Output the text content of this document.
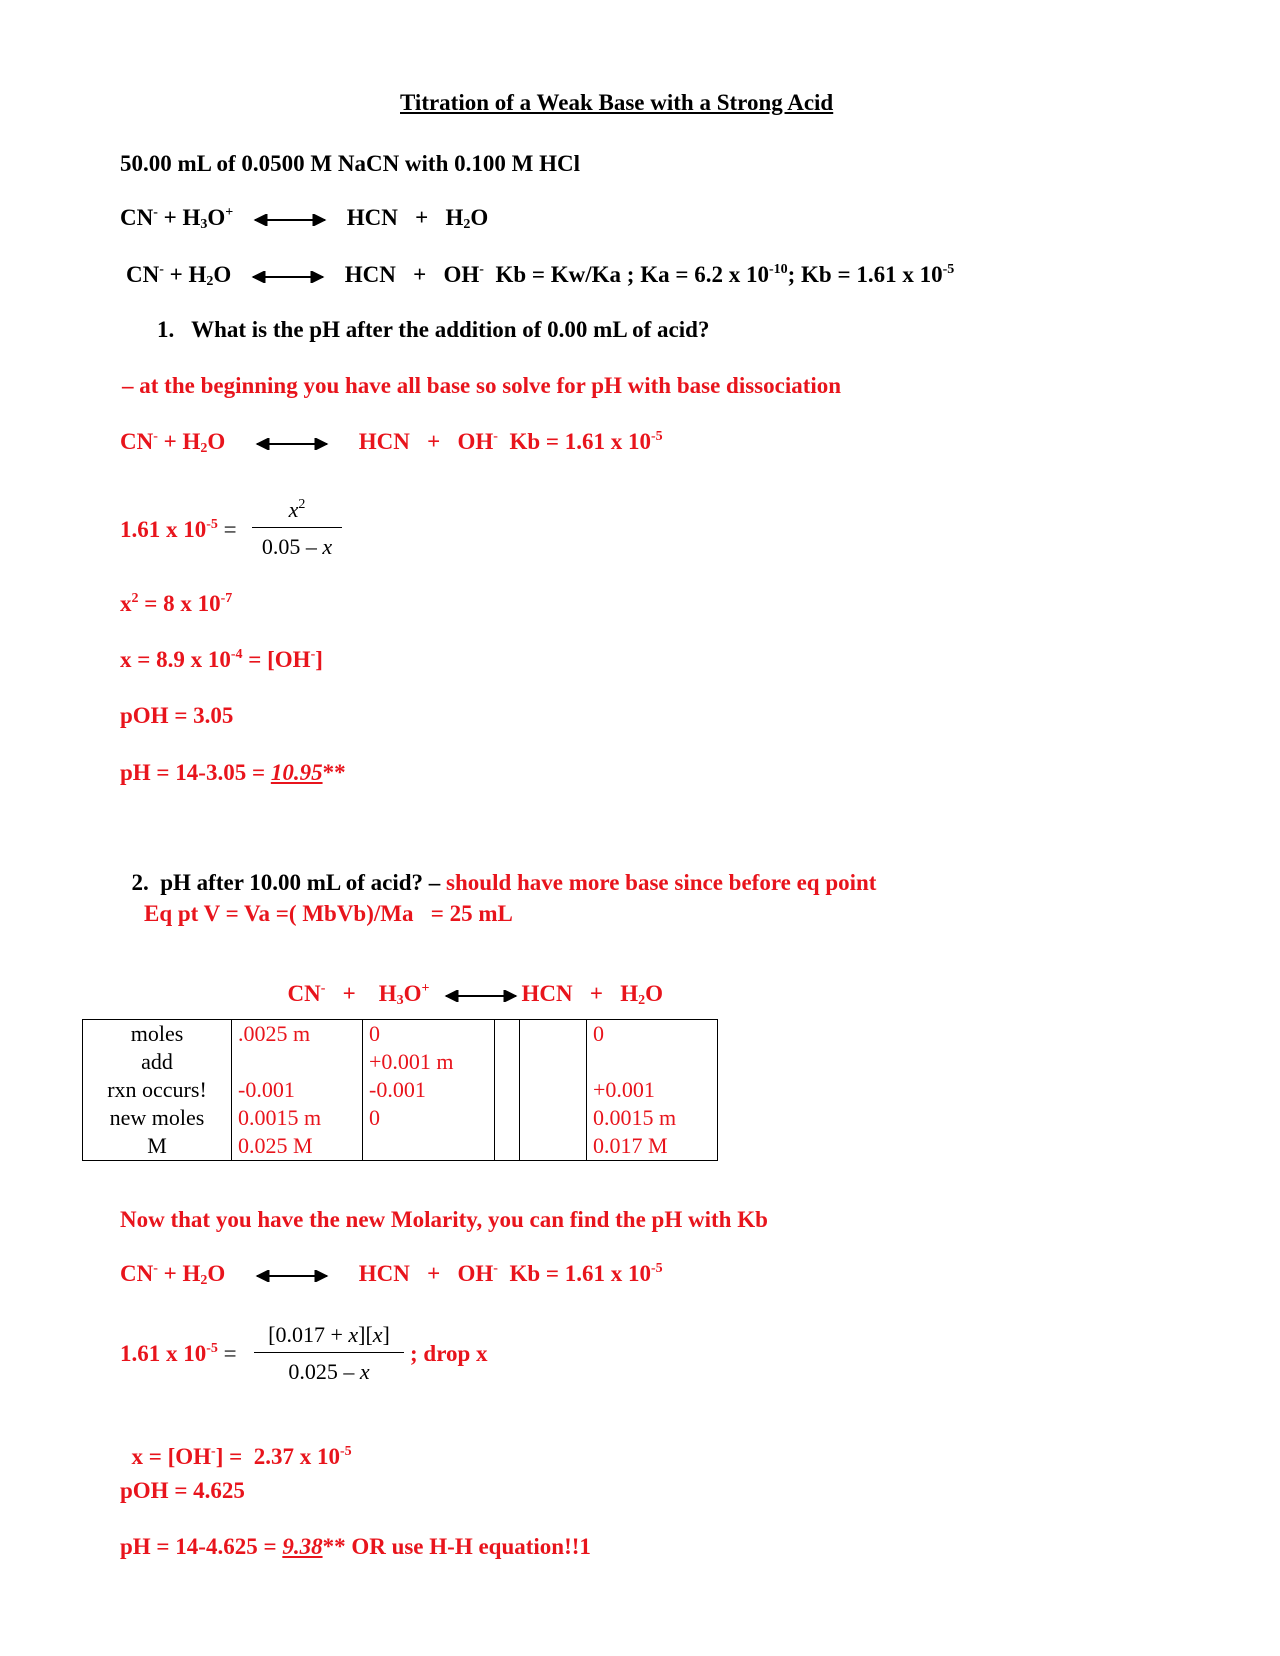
Titration of a Weak Base with a Strong Acid
50.00 mL of 0.0500 M NaCN with 0.100 M HCl
$CN^- + H_3O^+$	HCN   +   $H_2O$
$CN^- + H_2O$	HCN   +   OH-  Kb = Kw/Ka ; Ka = 6.2 x $10^{-10}$; Kb = 1.61 x $10^{-5}$
1.   What is the pH after the addition of 0.00 mL of acid?
– at the beginning you have all base so solve for pH with base dissociation
$CN^- + H_2O$	HCN   +   OH-  Kb = 1.61 x $10^{-5}$
1.61 x $10^{-5} = \frac{x^2}{0.05 - x}$
$x^2 = 8$ x $10^{-7}$
x = 8.9 x $10^{-4} = [OH^-]$
pOH = 3.05
pH = 14-3.05 = 10.95**

2.  pH after 10.00 mL of acid? – should have more base since before eq point

Eq pt V = Va =( MbVb)/Ma   = 25 mL

CN-   +    $H_3O^+$	HCN   +   $H_2O$

moles	.0025 m	0			0
add		+0.001 m			
rxn occurs!	-0.001	-0.001			+0.001
new moles	0.0015 m	0			0.0015 m
M	0.025 M				0.017 M
Now that you have the new Molarity, you can find the pH with Kb
$CN^- + H_2O$	HCN   +   OH-  Kb = 1.61 x $10^{-5}$
1.61 x $10^{-5} = \frac{[0.017 + x][x]}{0.025 - x}$ ; drop x

x = [OH-] =  2.37 x $10^{-5}$

pOH = 4.625
pH = 14-4.625 = 9.38** OR use H-H equation!!1
